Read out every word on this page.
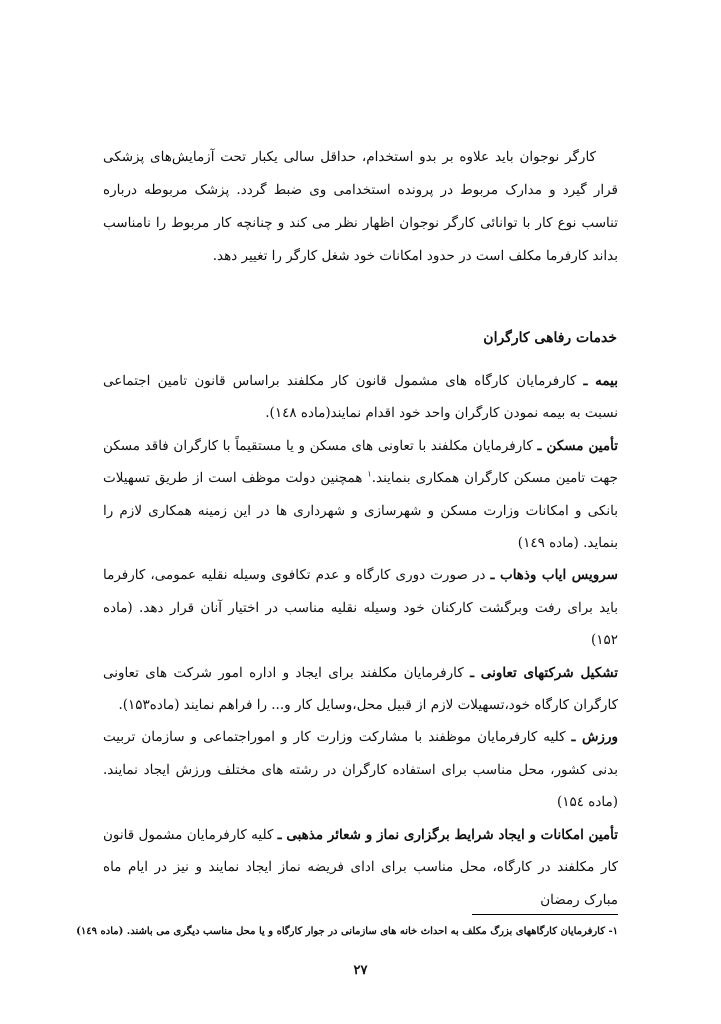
کارگر نوجوان باید علاوه بر بدو استخدام، حداقل سالی یکبار تحت آزمایش‌های پزشکی قرار گیرد و مدارک مربوط در پرونده استخدامی وی ضبط گردد. پزشک مربوطه درباره تناسب نوع کار با توانائی کارگر نوجوان اظهار نظر می کند و چنانچه کار مربوط را نامناسب بداند کارفرما مکلف است در حدود امکانات خود شغل کارگر را تغییر دهد.
خدمات رفاهی کارگران

بیمه ـ کارفرمایان کارگاه های مشمول قانون کار مکلفند براساس قانون تامین اجتماعی نسبت به بیمه نمودن کارگران واحد خود اقدام نمایند(ماده ۱٤۸).

تأمین مسکن ـ کارفرمایان مکلفند با تعاونی های مسکن و یا مستقیماً با کارگران فاقد مسکن جهت تامین مسکن کارگران همکاری بنمایند.$^۱$ همچنین دولت موظف است از طریق تسهیلات بانکی و امکانات وزارت مسکن و شهرسازی و شهرداری ها در این زمینه همکاری لازم را بنماید. (ماده ۱٤۹)

سرویس ایاب وذهاب ـ در صورت دوری کارگاه و عدم تکافوی وسیله نقلیه عمومی، کارفرما باید برای رفت وبرگشت کارکنان خود وسیله نقلیه مناسب در اختیار آنان قرار دهد. (ماده ۱۵۲)

تشکیل شرکتهای تعاونی ـ کارفرمایان مکلفند برای ایجاد و اداره امور شرکت های تعاونی کارگران کارگاه خود،تسهیلات لازم از قبیل محل،وسایل کار و... را فراهم نمایند (ماده۱۵۳).

ورزش ـ کلیه کارفرمایان موظفند با مشارکت وزارت کار و اموراجتماعی و سازمان تربیت بدنی کشور، محل مناسب برای استفاده کارگران در رشته های مختلف ورزش ایجاد نمایند. (ماده ۱۵٤)

تأمین امکانات و ایجاد شرایط برگزاری نماز و شعائر مذهبی ـ کلیه کارفرمایان مشمول قانون کار مکلفند در کارگاه، محل مناسب برای ادای فریضه نماز ایجاد نمایند و نیز در ایام ماه مبارک رمضان

۱- کارفرمایان کارگاههای بزرگ مکلف به احداث خانه های سازمانی در جوار کارگاه و یا محل مناسب دیگری می باشند. (ماده ۱٤۹)
۲۷
